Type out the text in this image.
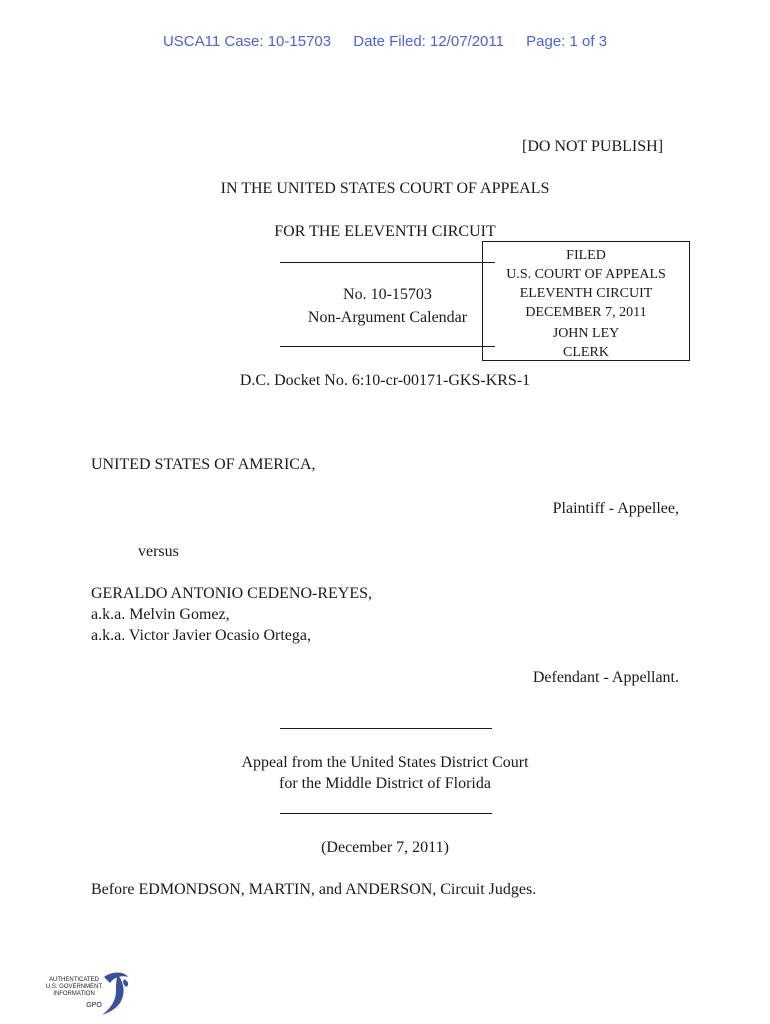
USCA11 Case: 10-15703 Date Filed: 12/07/2011 Page: 1 of 3
[DO NOT PUBLISH]
IN THE UNITED STATES COURT OF APPEALS
FOR THE ELEVENTH CIRCUIT
No. 10-15703
Non-Argument Calendar
FILED
U.S. COURT OF APPEALS
ELEVENTH CIRCUIT
DECEMBER 7, 2011
JOHN LEY
CLERK
D.C. Docket No. 6:10-cr-00171-GKS-KRS-1
UNITED STATES OF AMERICA,
Plaintiff - Appellee,
versus
GERALDO ANTONIO CEDENO-REYES,
a.k.a. Melvin Gomez,
a.k.a. Victor Javier Ocasio Ortega,
Defendant - Appellant.
Appeal from the United States District Court
for the Middle District of Florida
(December 7, 2011)
Before EDMONDSON, MARTIN, and ANDERSON, Circuit Judges.
AUTHENTICATED
U.S. GOVERNMENT
INFORMATION
GPO
